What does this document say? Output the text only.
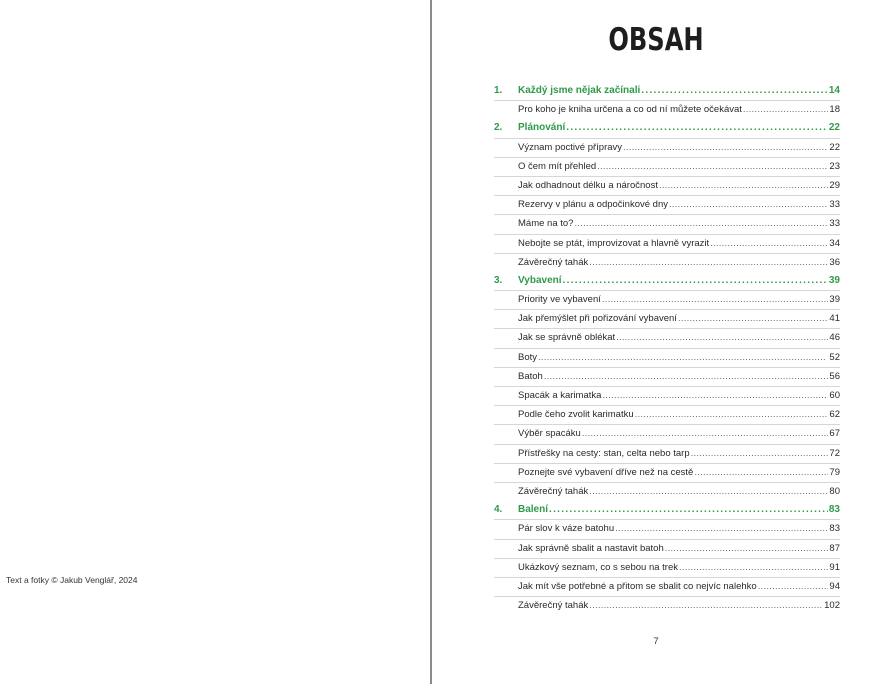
Text a fotky © Jakub Venglář, 2024
OBSAH
1.	Každý jsme nějak začínali .....	14
Pro koho je kniha určena a co od ní můžete očekávat . . .	18
2.	Plánování .....	22
Význam poctivé přípravy . . .	22
O čem mít přehled . . .	23
Jak odhadnout délku a náročnost . . .	29
Rezervy v plánu a odpočinkové dny . . .	33
Máme na to? . . .	33
Nebojte se ptát, improvizovat a hlavně vyrazit . . .	34
Závěrečný tahák . . .	36
3.	Vybavení .....	39
Priority ve vybavení . . .	39
Jak přemýšlet při pořizování vybavení . . .	41
Jak se správně oblékat . . .	46
Boty . . .	52
Batoh . . .	56
Spacák a karimatka . . .	60
Podle čeho zvolit karimatku . . .	62
Výběr spacáku . . .	67
Přístřešky na cesty: stan, celta nebo tarp . . .	72
Poznejte své vybavení dříve než na cestě . . .	79
Závěrečný tahák . . .	80
4.	Balení .....	83
Pár slov k váze batohu . . .	83
Jak správně sbalit a nastavit batoh . . .	87
Ukázkový seznam, co s sebou na trek . . .	91
Jak mít vše potřebné a přitom se sbalit co nejvíc nalehko . . .	94
Závěrečný tahák . . .	102
7
